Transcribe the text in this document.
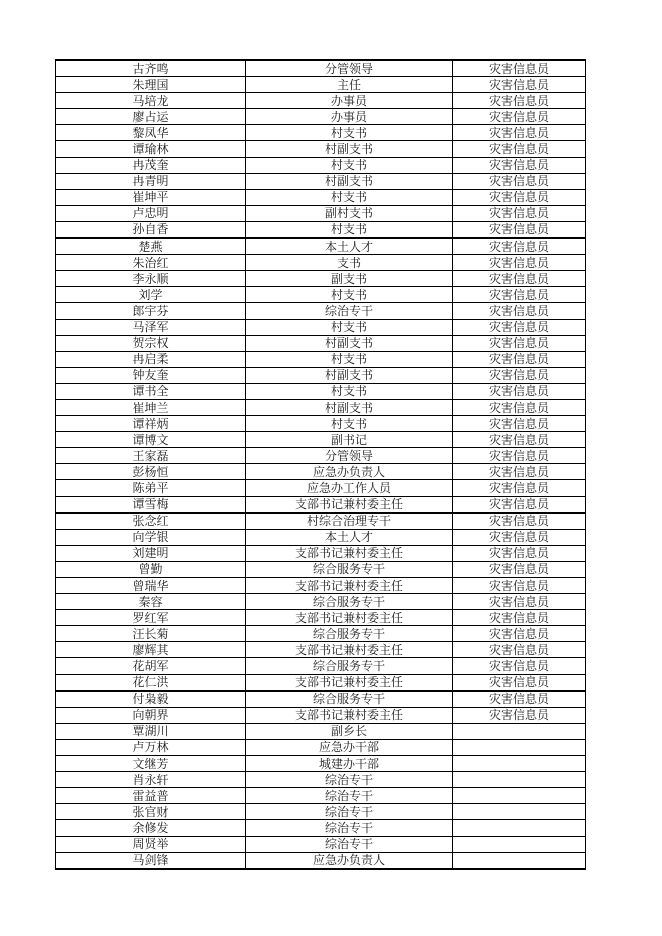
古齐鸣	分管领导	灾害信息员
朱理国	主任	灾害信息员
马培龙	办事员	灾害信息员
廖占运	办事员	灾害信息员
黎凤华	村支书	灾害信息员
谭瑜林	村副支书	灾害信息员
冉茂奎	村支书	灾害信息员
冉青明	村副支书	灾害信息员
崔坤平	村支书	灾害信息员
卢忠明	副村支书	灾害信息员
孙自香	村支书	灾害信息员
楚燕	本土人才	灾害信息员
朱治红	支书	灾害信息员
李永顺	副支书	灾害信息员
刘学	村支书	灾害信息员
郎宇芬	综治专干	灾害信息员
马泽军	村支书	灾害信息员
贺宗权	村副支书	灾害信息员
冉启柔	村支书	灾害信息员
钟友奎	村副支书	灾害信息员
谭书全	村支书	灾害信息员
崔坤兰	村副支书	灾害信息员
谭祥炳	村支书	灾害信息员
谭博文	副书记	灾害信息员
王家磊	分管领导	灾害信息员
彭杨恒	应急办负责人	灾害信息员
陈弟平	应急办工作人员	灾害信息员
谭雪梅	支部书记兼村委主任	灾害信息员
张念红	村综合治理专干	灾害信息员
向学银	本土人才	灾害信息员
刘建明	支部书记兼村委主任	灾害信息员
曾勤	综合服务专干	灾害信息员
曾瑞华	支部书记兼村委主任	灾害信息员
秦容	综合服务专干	灾害信息员
罗红军	支部书记兼村委主任	灾害信息员
汪长菊	综合服务专干	灾害信息员
廖辉其	支部书记兼村委主任	灾害信息员
花胡军	综合服务专干	灾害信息员
花仁洪	支部书记兼村委主任	灾害信息员
付枭毅	综合服务专干	灾害信息员
向朝界	支部书记兼村委主任	灾害信息员
覃湖川	副乡长	
卢万林	应急办干部	
文继芳	城建办干部	
肖永轩	综治专干	
雷益普	综治专干	
张官财	综治专干	
余修发	综治专干	
周贤举	综治专干	
马剑锋	应急办负责人	
